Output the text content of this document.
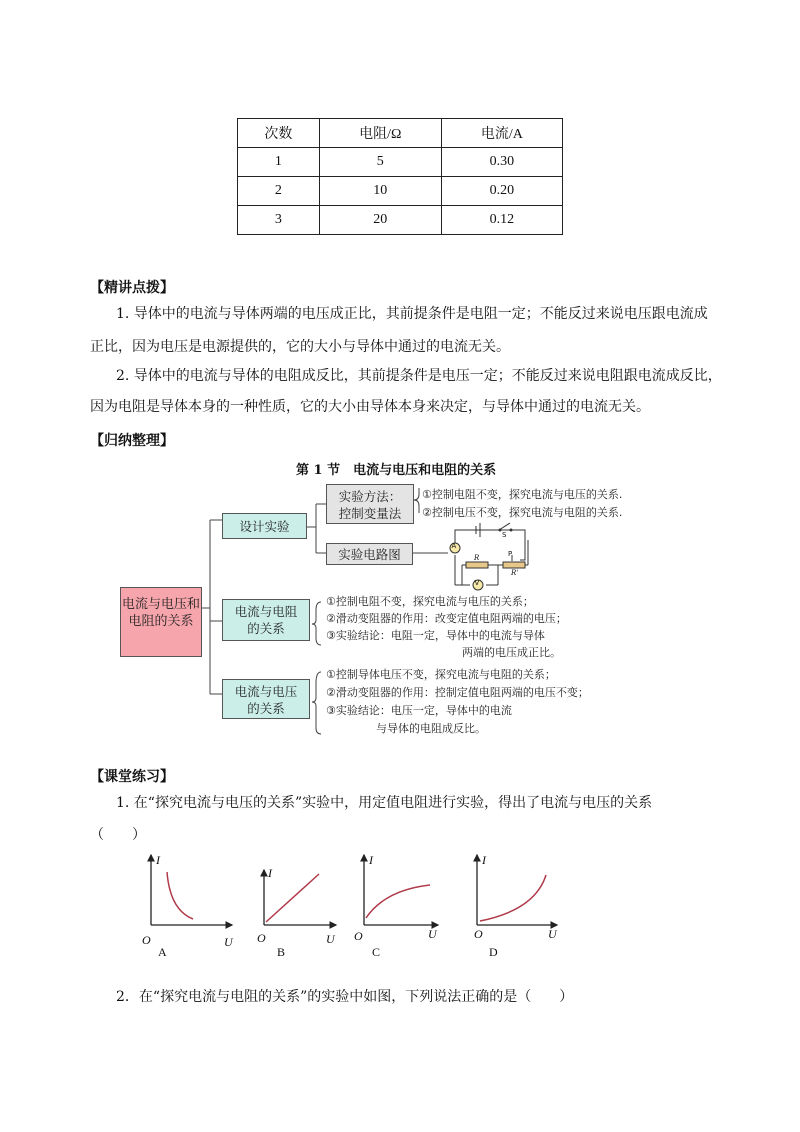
次数	电阻/Ω	电流/A
1	5	0.30
2	10	0.20
3	20	0.12
【精讲点拨】
1. 导体中的电流与导体两端的电压成正比，其前提条件是电阻一定；不能反过来说电压跟电流成
正比，因为电压是电源提供的，它的大小与导体中通过的电流无关。
2. 导体中的电流与导体的电阻成反比，其前提条件是电压一定；不能反过来说电阻跟电流成反比，
因为电阻是导体本身的一种性质，它的大小由导体本身来决定，与导体中通过的电流无关。
【归纳整理】
第 1 节　电流与电压和电阻的关系
A
V
S
R	P
R'
电流与电压和电阻的关系
设计实验
实验方法：控制变量法
实验电路图
电流与电阻的关系
电流与电压的关系
①控制电阻不变，探究电流与电压的关系.
②控制电压不变，探究电流与电阻的关系.
①控制电阻不变，探究电流与电压的关系；
②滑动变阻器的作用：改变定值电阻两端的电压；
③实验结论：电阻一定，导体中的电流与导体
两端的电压成正比。
①控制导体电压不变，探究电流与电阻的关系；
②滑动变阻器的作用：控制定值电阻两端的电压不变；
③实验结论：电压一定，导体中的电流
与导体的电阻成反比。
【课堂练习】
1. 在“探究电流与电压的关系”实验中，用定值电阻进行实验，得出了电流与电压的关系
（　　）
I
U
O
A
I
U
O
B
I
U
O
C
I
U
O
D
2．在“探究电流与电阻的关系”的实验中如图，下列说法正确的是（　　）
